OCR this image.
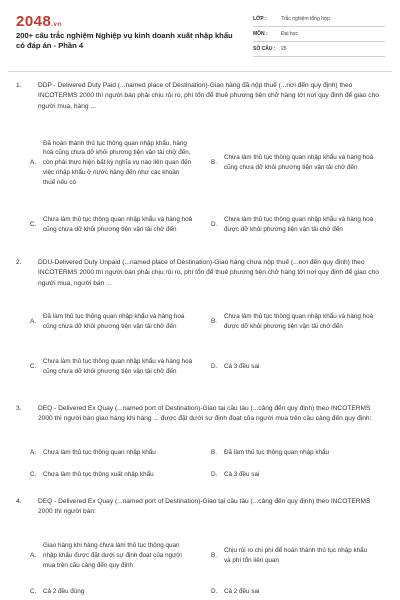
2048.vn
200+ câu trắc nghiệm Nghiệp vụ kinh doanh xuất nhập khẩu có đáp án - Phần 4
LỚP :	Trắc nghiệm tổng hợp
MÔN :	Đại học
SỐ CÂU :	25
1.	DDP - Delivered Duty Paid (...named place of Destination)-Giao hàng đã nộp thuế (...nơi đến quy định) theo INCOTERMS 2000 thì người bán phải chịu rủi ro, phí tổn để thuê phương tiện chở hàng tới nơi quy định để giao cho người mua, hàng ...
A.
Đã hoàn thành thủ tục thông quan nhập khẩu, hàng hoá cũng chưa dỡ khỏi phương tiện vận tải chở đến, còn phải thực hiện bất kỳ nghĩa vụ nào liên quan đến việc nhập khẩu ở nước hàng đến như các khoản thuế nếu có
B.
Chưa làm thủ tục thông quan nhập khẩu và hàng hoá cũng chưa dỡ khỏi phương tiện vận tải chở đến
C.
Chưa làm thủ tục thông quan nhập khẩu và hàng hoá cũng chưa dỡ khỏi phương tiện vận tải chở đến
D.
Chưa làm thủ tục thông quan nhập khẩu và hàng hoá được dỡ khỏi phương tiện vận tải chở đến
2.	DDU-Delivered Duty Unpaid (...named place of Destination)-Giao hàng chưa nộp thuế (...nơi đến quy định) theo INCOTERMS 2000 thì người bán phải chịu rủi ro, phí tổn để thuê phương tiện chở hàng tới nơi quy định để giao cho người mua, người bán ...
A.
Đã làm thủ tục thông quan nhập khẩu và hàng hoá cũng chưa dỡ khỏi phương tiện vận tải chở đến
B.
Chưa làm thủ tục thông quan nhập khẩu và hàng hoá được dỡ khỏi phương tiện vận tải chở đến
C.
Chưa làm thủ tục thông quan nhập khẩu và hàng hoá cũng chưa dỡ khỏi phương tiện vận tải chở đến
D.	Cả 3 đều sai
3.	DEQ - Delivered Ex Quay (...named port of Destination)-Giao tại cầu tàu (...cảng đến quy định) theo INCOTERMS 2000 thì người bán giao hàng khi hàng ... được đặt dưới sự định đoạt của người mua trên cầu cảng đến quy định:
A.	Chưa làm thủ tục thông quan nhập khẩu	B.	Đã làm thủ tục thông quan nhập khẩu
C.	Chưa làm thủ tục thông xuất nhập khẩu	D.	Cả 3 đều sai
4.	DEQ - Delivered Ex Quay (...named port of Destination)-Giao tại cầu tàu (...cảng đến quy định) theo INCOTERMS 2000 thì người bán:
A.
Giao hàng khi hàng chưa làm thủ tục thông quan nhập khẩu được đặt dưới sự định đoạt của người mua trên cầu cảng đến quy định
B.
Chịu rủi ro chi phí để hoàn thành thủ tục nhập khẩu và phí tổn liên quan
C.	Cả 2 đều đúng	D.	Cả 2 đều sai
